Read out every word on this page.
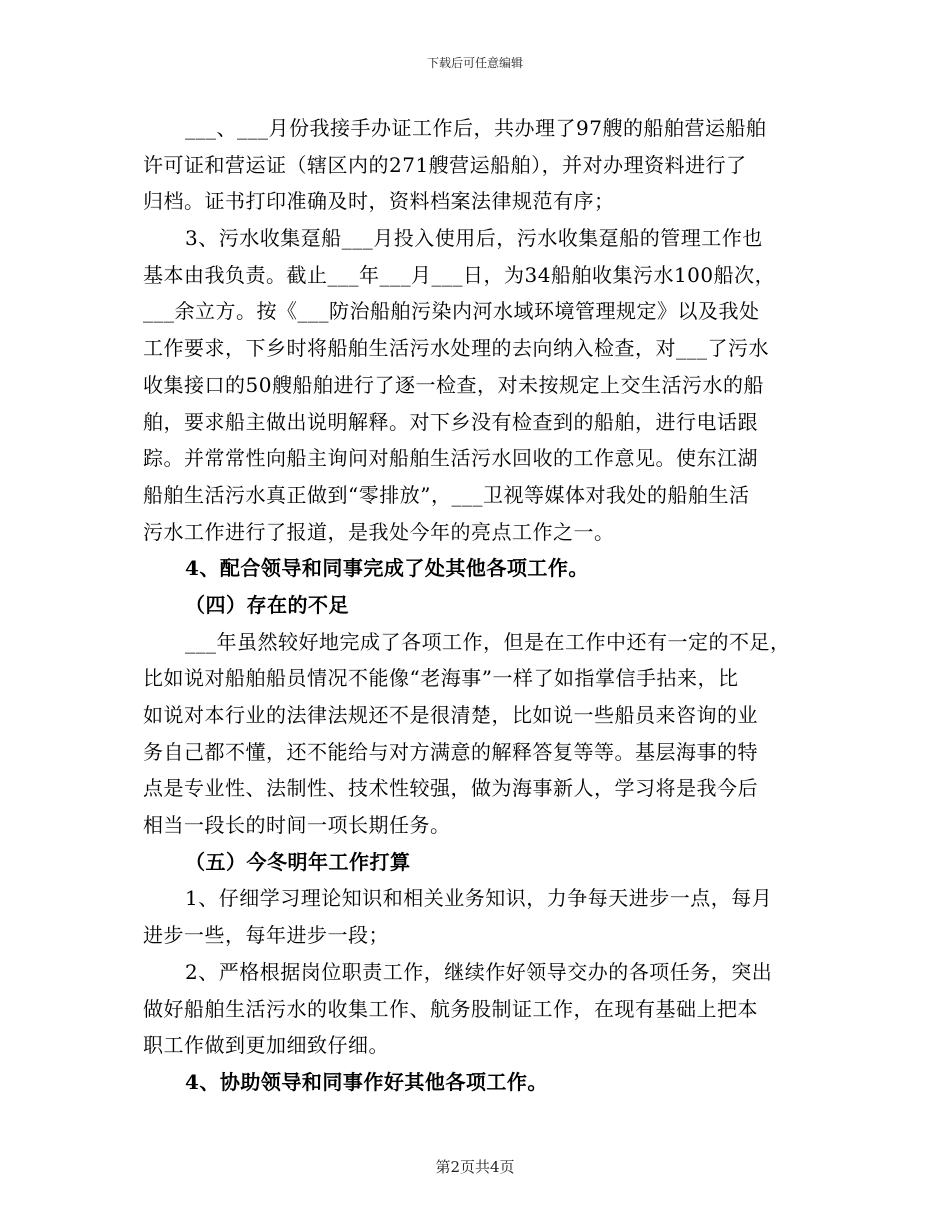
下载后可任意编辑
___、___月份我接手办证工作后，共办理了97艘的船舶营运船舶
许可证和营运证（辖区内的271艘营运船舶），并对办理资料进行了
归档。证书打印准确及时，资料档案法律规范有序；
3、污水收集趸船___月投入使用后，污水收集趸船的管理工作也
基本由我负责。截止___年___月___日，为34船舶收集污水100船次，
___余立方。按《___防治船舶污染内河水域环境管理规定》以及我处
工作要求，下乡时将船舶生活污水处理的去向纳入检查，对___了污水
收集接口的50艘船舶进行了逐一检查，对未按规定上交生活污水的船
舶，要求船主做出说明解释。对下乡没有检查到的船舶，进行电话跟
踪。并常常性向船主询问对船舶生活污水回收的工作意见。使东江湖
船舶生活污水真正做到“零排放”，___卫视等媒体对我处的船舶生活
污水工作进行了报道，是我处今年的亮点工作之一。
4、配合领导和同事完成了处其他各项工作。
（四）存在的不足
___年虽然较好地完成了各项工作，但是在工作中还有一定的不足，
比如说对船舶船员情况不能像“老海事”一样了如指掌信手拈来，比
如说对本行业的法律法规还不是很清楚，比如说一些船员来咨询的业
务自己都不懂，还不能给与对方满意的解释答复等等。基层海事的特
点是专业性、法制性、技术性较强，做为海事新人，学习将是我今后
相当一段长的时间一项长期任务。
（五）今冬明年工作打算
1、仔细学习理论知识和相关业务知识，力争每天进步一点，每月
进步一些，每年进步一段；
2、严格根据岗位职责工作，继续作好领导交办的各项任务，突出
做好船舶生活污水的收集工作、航务股制证工作，在现有基础上把本
职工作做到更加细致仔细。
4、协助领导和同事作好其他各项工作。
第2页共4页
